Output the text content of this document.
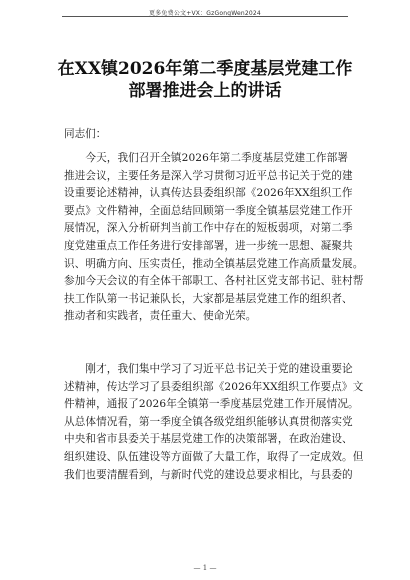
更多免费公文+VX：GzGongWen2024
在XX镇2026年第二季度基层党建工作
部署推进会上的讲话
同志们：
　　今天，我们召开全镇2026年第二季度基层党建工作部署
推进会议，主要任务是深入学习贯彻习近平总书记关于党的建
设重要论述精神，认真传达县委组织部《2026年XX组织工作
要点》文件精神，全面总结回顾第一季度全镇基层党建工作开
展情况，深入分析研判当前工作中存在的短板弱项，对第二季
度党建重点工作任务进行安排部署，进一步统一思想、凝聚共
识、明确方向、压实责任，推动全镇基层党建工作高质量发展。
参加今天会议的有全体干部职工、各村社区党支部书记、驻村帮
扶工作队第一书记兼队长，大家都是基层党建工作的组织者、
推动者和实践者，责任重大、使命光荣。
　　刚才，我们集中学习了习近平总书记关于党的建设重要论
述精神，传达学习了县委组织部《2026年XX组织工作要点》文
件精神，通报了2026年全镇第一季度基层党建工作开展情况。
从总体情况看，第一季度全镇各级党组织能够认真贯彻落实党
中央和省市县委关于基层党建工作的决策部署，在政治建设、
组织建设、队伍建设等方面做了大量工作，取得了一定成效。但
我们也要清醒看到，与新时代党的建设总要求相比，与县委的
— 1 —
